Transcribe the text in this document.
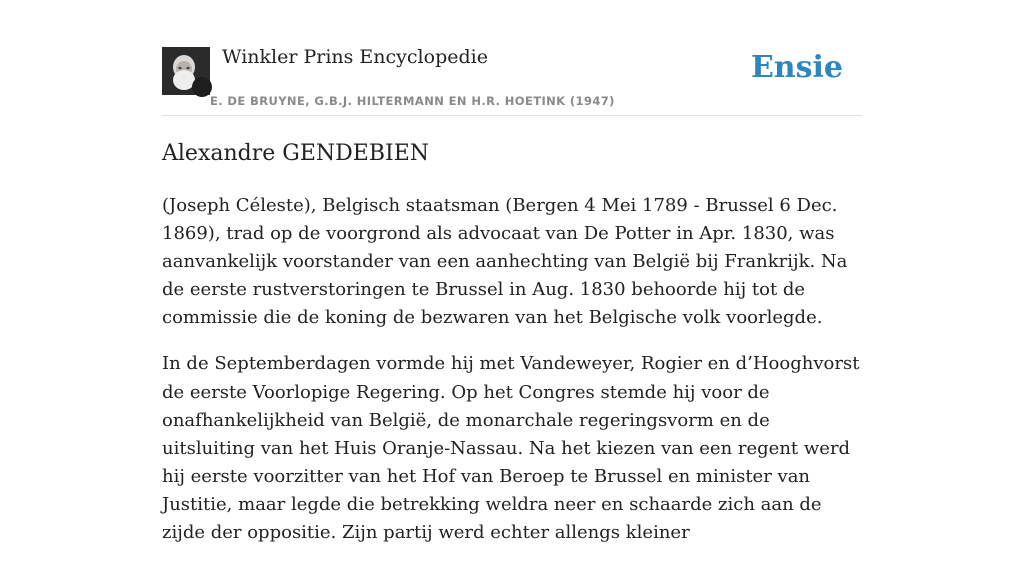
Winkler Prins Encyclopedie
E. DE BRUYNE, G.B.J. HILTERMANN EN H.R. HOETINK (1947)
Ensie
Alexandre GENDEBIEN

(Joseph Céleste), Belgisch staatsman (Bergen 4 Mei 1789 - Brussel 6 Dec. 1869), trad op de voorgrond als advocaat van De Potter in Apr. 1830, was aanvankelijk voorstander van een aanhechting van België bij Frankrijk. Na de eerste rustverstoringen te Brussel in Aug. 1830 behoorde hij tot de commissie die de koning de bezwaren van het Belgische volk voorlegde.

In de Septemberdagen vormde hij met Vandeweyer, Rogier en d’Hooghvorst de eerste Voorlopige Regering. Op het Congres stemde hij voor de onafhankelijkheid van België, de monarchale regeringsvorm en de uitsluiting van het Huis Oranje-Nassau. Na het kiezen van een regent werd hij eerste voorzitter van het Hof van Beroep te Brussel en minister van Justitie, maar legde die betrekking weldra neer en schaarde zich aan de zijde der oppositie. Zijn partij werd echter allengs kleiner
